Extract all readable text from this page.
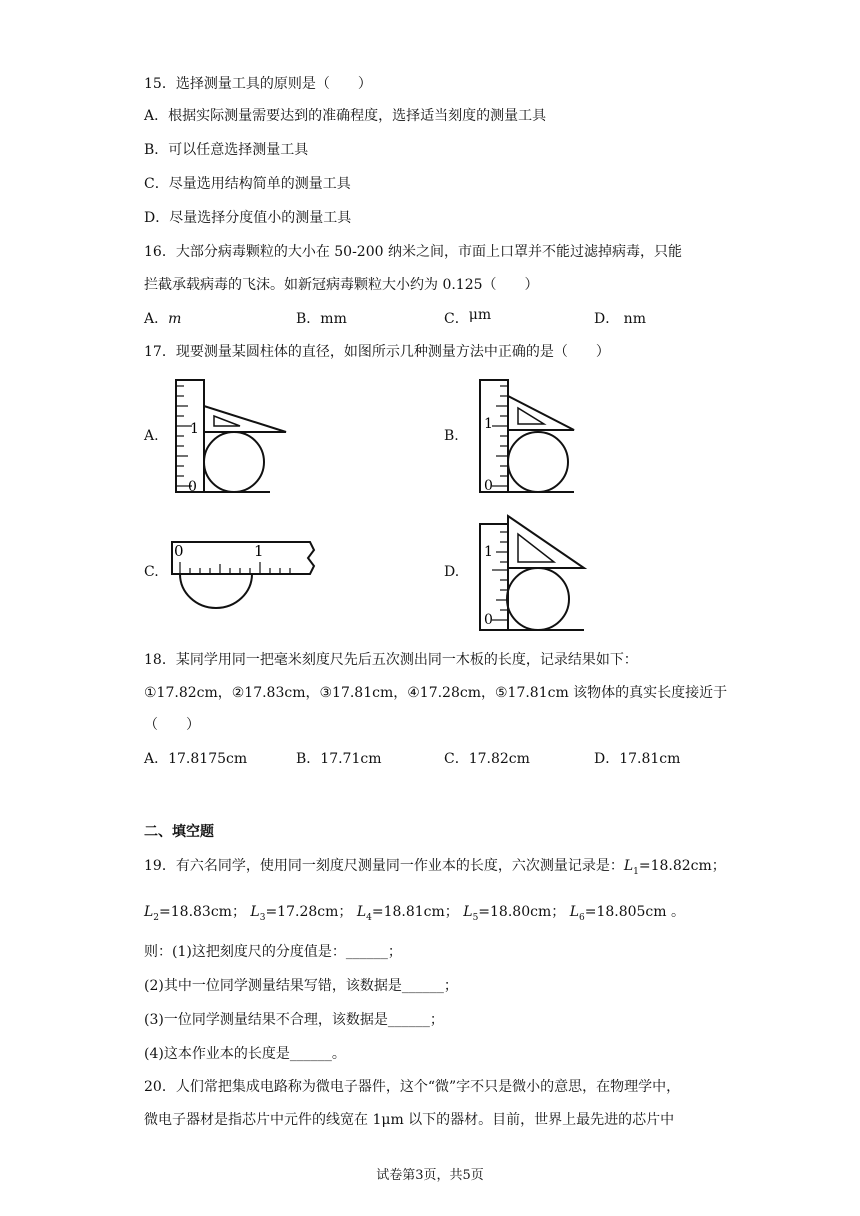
15．选择测量工具的原则是（　　）
A．根据实际测量需要达到的准确程度，选择适当刻度的测量工具
B．可以任意选择测量工具
C．尽量选用结构简单的测量工具
D．尽量选择分度值小的测量工具
16．大部分病毒颗粒的大小在 50-200 纳米之间，市面上口罩并不能过滤掉病毒，只能
拦截承载病毒的飞沫。如新冠病毒颗粒大小约为 0.125（　　）
A．m	B．mm	C．μm	D． nm
17．现要测量某圆柱体的直径，如图所示几种测量方法中正确的是（　　）
A. 1
0
B.
1
0
C.
0	1
D.
1
0
18．某同学用同一把毫米刻度尺先后五次测出同一木板的长度，记录结果如下：
①17.82cm，②17.83cm，③17.81cm，④17.28cm，⑤17.81cm 该物体的真实长度接近于
（　　）
A．17.8175cm	B．17.71cm	C．17.82cm	D．17.81cm
二、填空题
19．有六名同学，使用同一刻度尺测量同一作业本的长度，六次测量记录是：$L_1=18.82cm$；
$L_2=18.83cm$； $L_3=17.28cm$； $L_4=18.81cm$； $L_5=18.80cm$； $L_6=18.805cm$ 。
则：(1)这把刻度尺的分度值是：______；
(2)其中一位同学测量结果写错，该数据是______；
(3)一位同学测量结果不合理，该数据是______；
(4)这本作业本的长度是______。
20．人们常把集成电路称为微电子器件，这个“微”字不只是微小的意思，在物理学中，
微电子器材是指芯片中元件的线宽在 1μm 以下的器材。目前，世界上最先进的芯片中
试卷第3页，共5页
